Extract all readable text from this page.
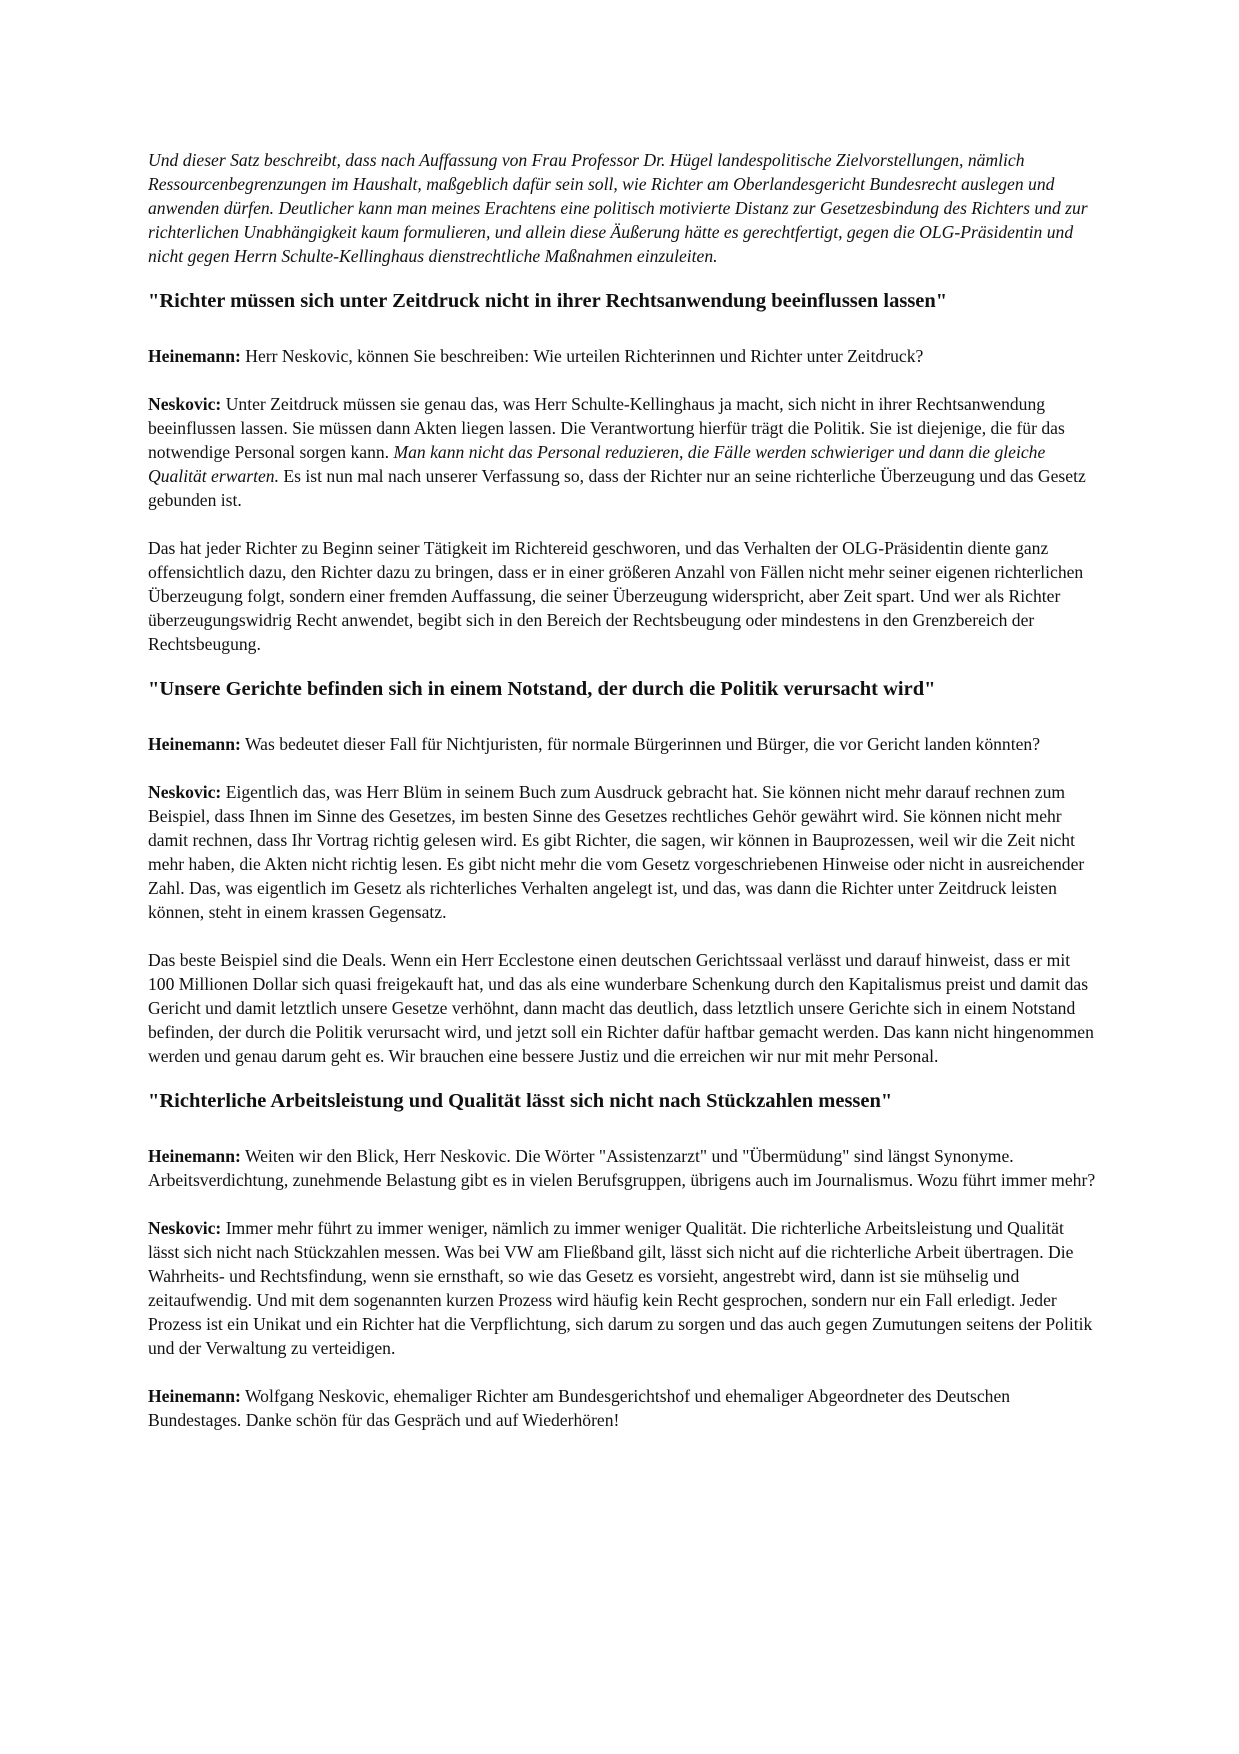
Und dieser Satz beschreibt, dass nach Auffassung von Frau Professor Dr. Hügel landespolitische Zielvorstellungen, nämlich Ressourcenbegrenzungen im Haushalt, maßgeblich dafür sein soll, wie Richter am Oberlandesgericht Bundesrecht auslegen und anwenden dürfen. Deutlicher kann man meines Erachtens eine politisch motivierte Distanz zur Gesetzesbindung des Richters und zur richterlichen Unabhängigkeit kaum formulieren, und allein diese Äußerung hätte es gerechtfertigt, gegen die OLG-Präsidentin und nicht gegen Herrn Schulte-Kellinghaus dienstrechtliche Maßnahmen einzuleiten.

"Richter müssen sich unter Zeitdruck nicht in ihrer Rechtsanwendung beeinflussen lassen"

Heinemann: Herr Neskovic, können Sie beschreiben: Wie urteilen Richterinnen und Richter unter Zeitdruck?

Neskovic: Unter Zeitdruck müssen sie genau das, was Herr Schulte-Kellinghaus ja macht, sich nicht in ihrer Rechtsanwendung beeinflussen lassen. Sie müssen dann Akten liegen lassen. Die Verantwortung hierfür trägt die Politik. Sie ist diejenige, die für das notwendige Personal sorgen kann. Man kann nicht das Personal reduzieren, die Fälle werden schwieriger und dann die gleiche Qualität erwarten. Es ist nun mal nach unserer Verfassung so, dass der Richter nur an seine richterliche Überzeugung und das Gesetz gebunden ist.

Das hat jeder Richter zu Beginn seiner Tätigkeit im Richtereid geschworen, und das Verhalten der OLG-Präsidentin diente ganz offensichtlich dazu, den Richter dazu zu bringen, dass er in einer größeren Anzahl von Fällen nicht mehr seiner eigenen richterlichen Überzeugung folgt, sondern einer fremden Auffassung, die seiner Überzeugung widerspricht, aber Zeit spart. Und wer als Richter überzeugungswidrig Recht anwendet, begibt sich in den Bereich der Rechtsbeugung oder mindestens in den Grenzbereich der Rechtsbeugung.

"Unsere Gerichte befinden sich in einem Notstand, der durch die Politik verursacht wird"

Heinemann: Was bedeutet dieser Fall für Nichtjuristen, für normale Bürgerinnen und Bürger, die vor Gericht landen könnten?

Neskovic: Eigentlich das, was Herr Blüm in seinem Buch zum Ausdruck gebracht hat. Sie können nicht mehr darauf rechnen zum Beispiel, dass Ihnen im Sinne des Gesetzes, im besten Sinne des Gesetzes rechtliches Gehör gewährt wird. Sie können nicht mehr damit rechnen, dass Ihr Vortrag richtig gelesen wird. Es gibt Richter, die sagen, wir können in Bauprozessen, weil wir die Zeit nicht mehr haben, die Akten nicht richtig lesen. Es gibt nicht mehr die vom Gesetz vorgeschriebenen Hinweise oder nicht in ausreichender Zahl. Das, was eigentlich im Gesetz als richterliches Verhalten angelegt ist, und das, was dann die Richter unter Zeitdruck leisten können, steht in einem krassen Gegensatz.

Das beste Beispiel sind die Deals. Wenn ein Herr Ecclestone einen deutschen Gerichtssaal verlässt und darauf hinweist, dass er mit 100 Millionen Dollar sich quasi freigekauft hat, und das als eine wunderbare Schenkung durch den Kapitalismus preist und damit das Gericht und damit letztlich unsere Gesetze verhöhnt, dann macht das deutlich, dass letztlich unsere Gerichte sich in einem Notstand befinden, der durch die Politik verursacht wird, und jetzt soll ein Richter dafür haftbar gemacht werden. Das kann nicht hingenommen werden und genau darum geht es. Wir brauchen eine bessere Justiz und die erreichen wir nur mit mehr Personal.

"Richterliche Arbeitsleistung und Qualität lässt sich nicht nach Stückzahlen messen"

Heinemann: Weiten wir den Blick, Herr Neskovic. Die Wörter "Assistenzarzt" und "Übermüdung" sind längst Synonyme. Arbeitsverdichtung, zunehmende Belastung gibt es in vielen Berufsgruppen, übrigens auch im Journalismus. Wozu führt immer mehr?

Neskovic: Immer mehr führt zu immer weniger, nämlich zu immer weniger Qualität. Die richterliche Arbeitsleistung und Qualität lässt sich nicht nach Stückzahlen messen. Was bei VW am Fließband gilt, lässt sich nicht auf die richterliche Arbeit übertragen. Die Wahrheits- und Rechtsfindung, wenn sie ernsthaft, so wie das Gesetz es vorsieht, angestrebt wird, dann ist sie mühselig und zeitaufwendig. Und mit dem sogenannten kurzen Prozess wird häufig kein Recht gesprochen, sondern nur ein Fall erledigt. Jeder Prozess ist ein Unikat und ein Richter hat die Verpflichtung, sich darum zu sorgen und das auch gegen Zumutungen seitens der Politik und der Verwaltung zu verteidigen.

Heinemann: Wolfgang Neskovic, ehemaliger Richter am Bundesgerichtshof und ehemaliger Abgeordneter des Deutschen Bundestages. Danke schön für das Gespräch und auf Wiederhören!
